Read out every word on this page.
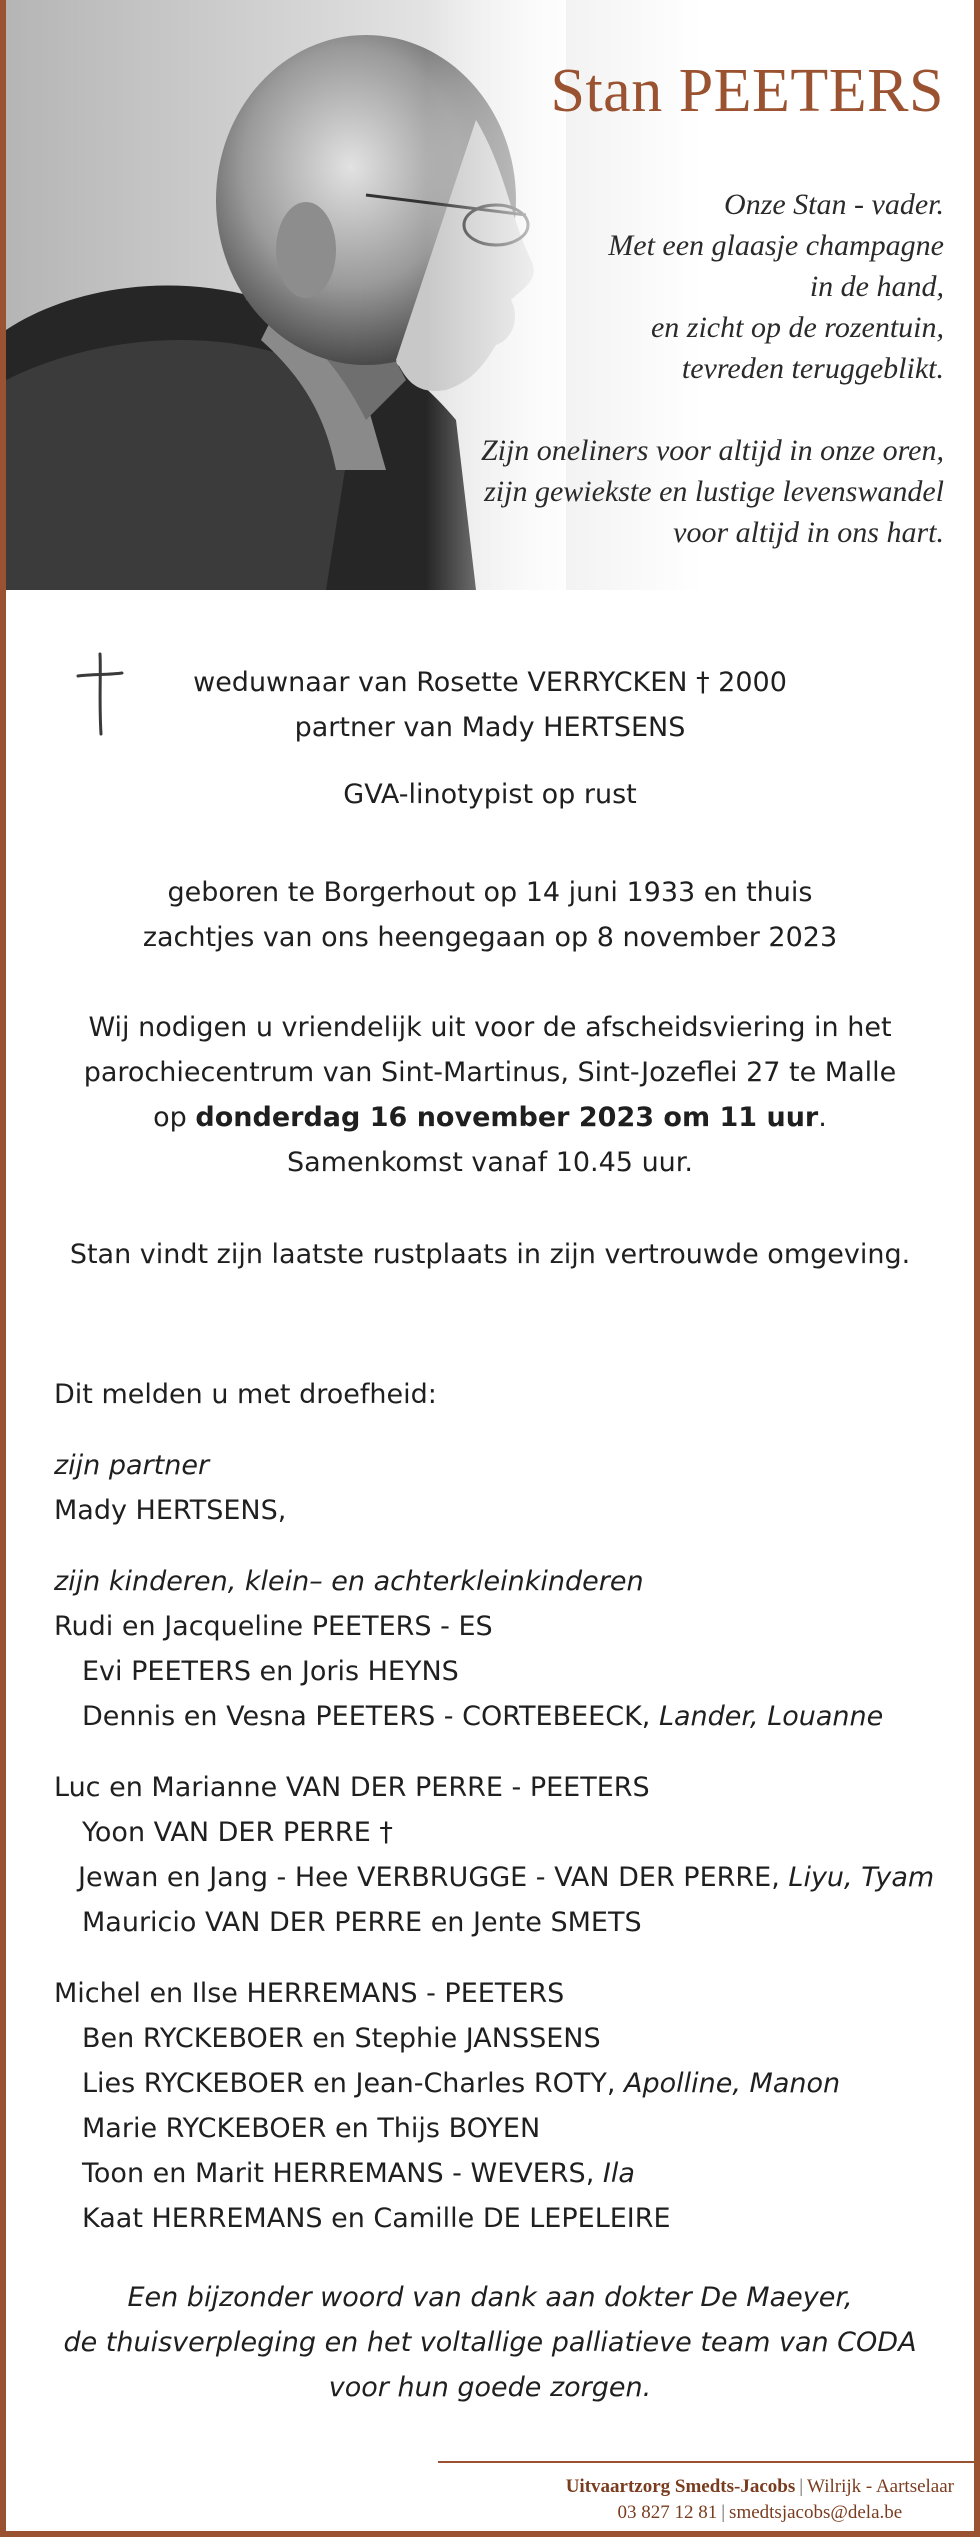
Stan PEETERS
Onze Stan - vader.
Met een glaasje champagne
in de hand,
en zicht op de rozentuin,
tevreden teruggeblikt.
Zijn oneliners voor altijd in onze oren,
zijn gewiekste en lustige levenswandel
voor altijd in ons hart.
weduwnaar van Rosette VERRYCKEN † 2000
partner van Mady HERTSENS
GVA-linotypist op rust
geboren te Borgerhout op 14 juni 1933 en thuis
zachtjes van ons heengegaan op 8 november 2023
Wij nodigen u vriendelijk uit voor de afscheidsviering in het
parochiecentrum van Sint-Martinus, Sint-Jozeflei 27 te Malle
op donderdag 16 november 2023 om 11 uur.
Samenkomst vanaf 10.45 uur.
Stan vindt zijn laatste rustplaats in zijn vertrouwde omgeving.
Dit melden u met droefheid:
zijn partner
Mady HERTSENS,
zijn kinderen, klein– en achterkleinkinderen
Rudi en Jacqueline PEETERS - ES
Evi PEETERS en Joris HEYNS
Dennis en Vesna PEETERS - CORTEBEECK, Lander, Louanne
Luc en Marianne VAN DER PERRE - PEETERS
Yoon VAN DER PERRE †
Jewan en Jang - Hee VERBRUGGE - VAN DER PERRE, Liyu, Tyam
Mauricio VAN DER PERRE en Jente SMETS
Michel en Ilse HERREMANS - PEETERS
Ben RYCKEBOER en Stephie JANSSENS
Lies RYCKEBOER en Jean-Charles ROTY, Apolline, Manon
Marie RYCKEBOER en Thijs BOYEN
Toon en Marit HERREMANS - WEVERS, Ila
Kaat HERREMANS en Camille DE LEPELEIRE
Een bijzonder woord van dank aan dokter De Maeyer,
de thuisverpleging en het voltallige palliatieve team van CODA
voor hun goede zorgen.
Uitvaartzorg Smedts-Jacobs | Wilrijk - Aartselaar
03 827 12 81 | smedtsjacobs@dela.be
